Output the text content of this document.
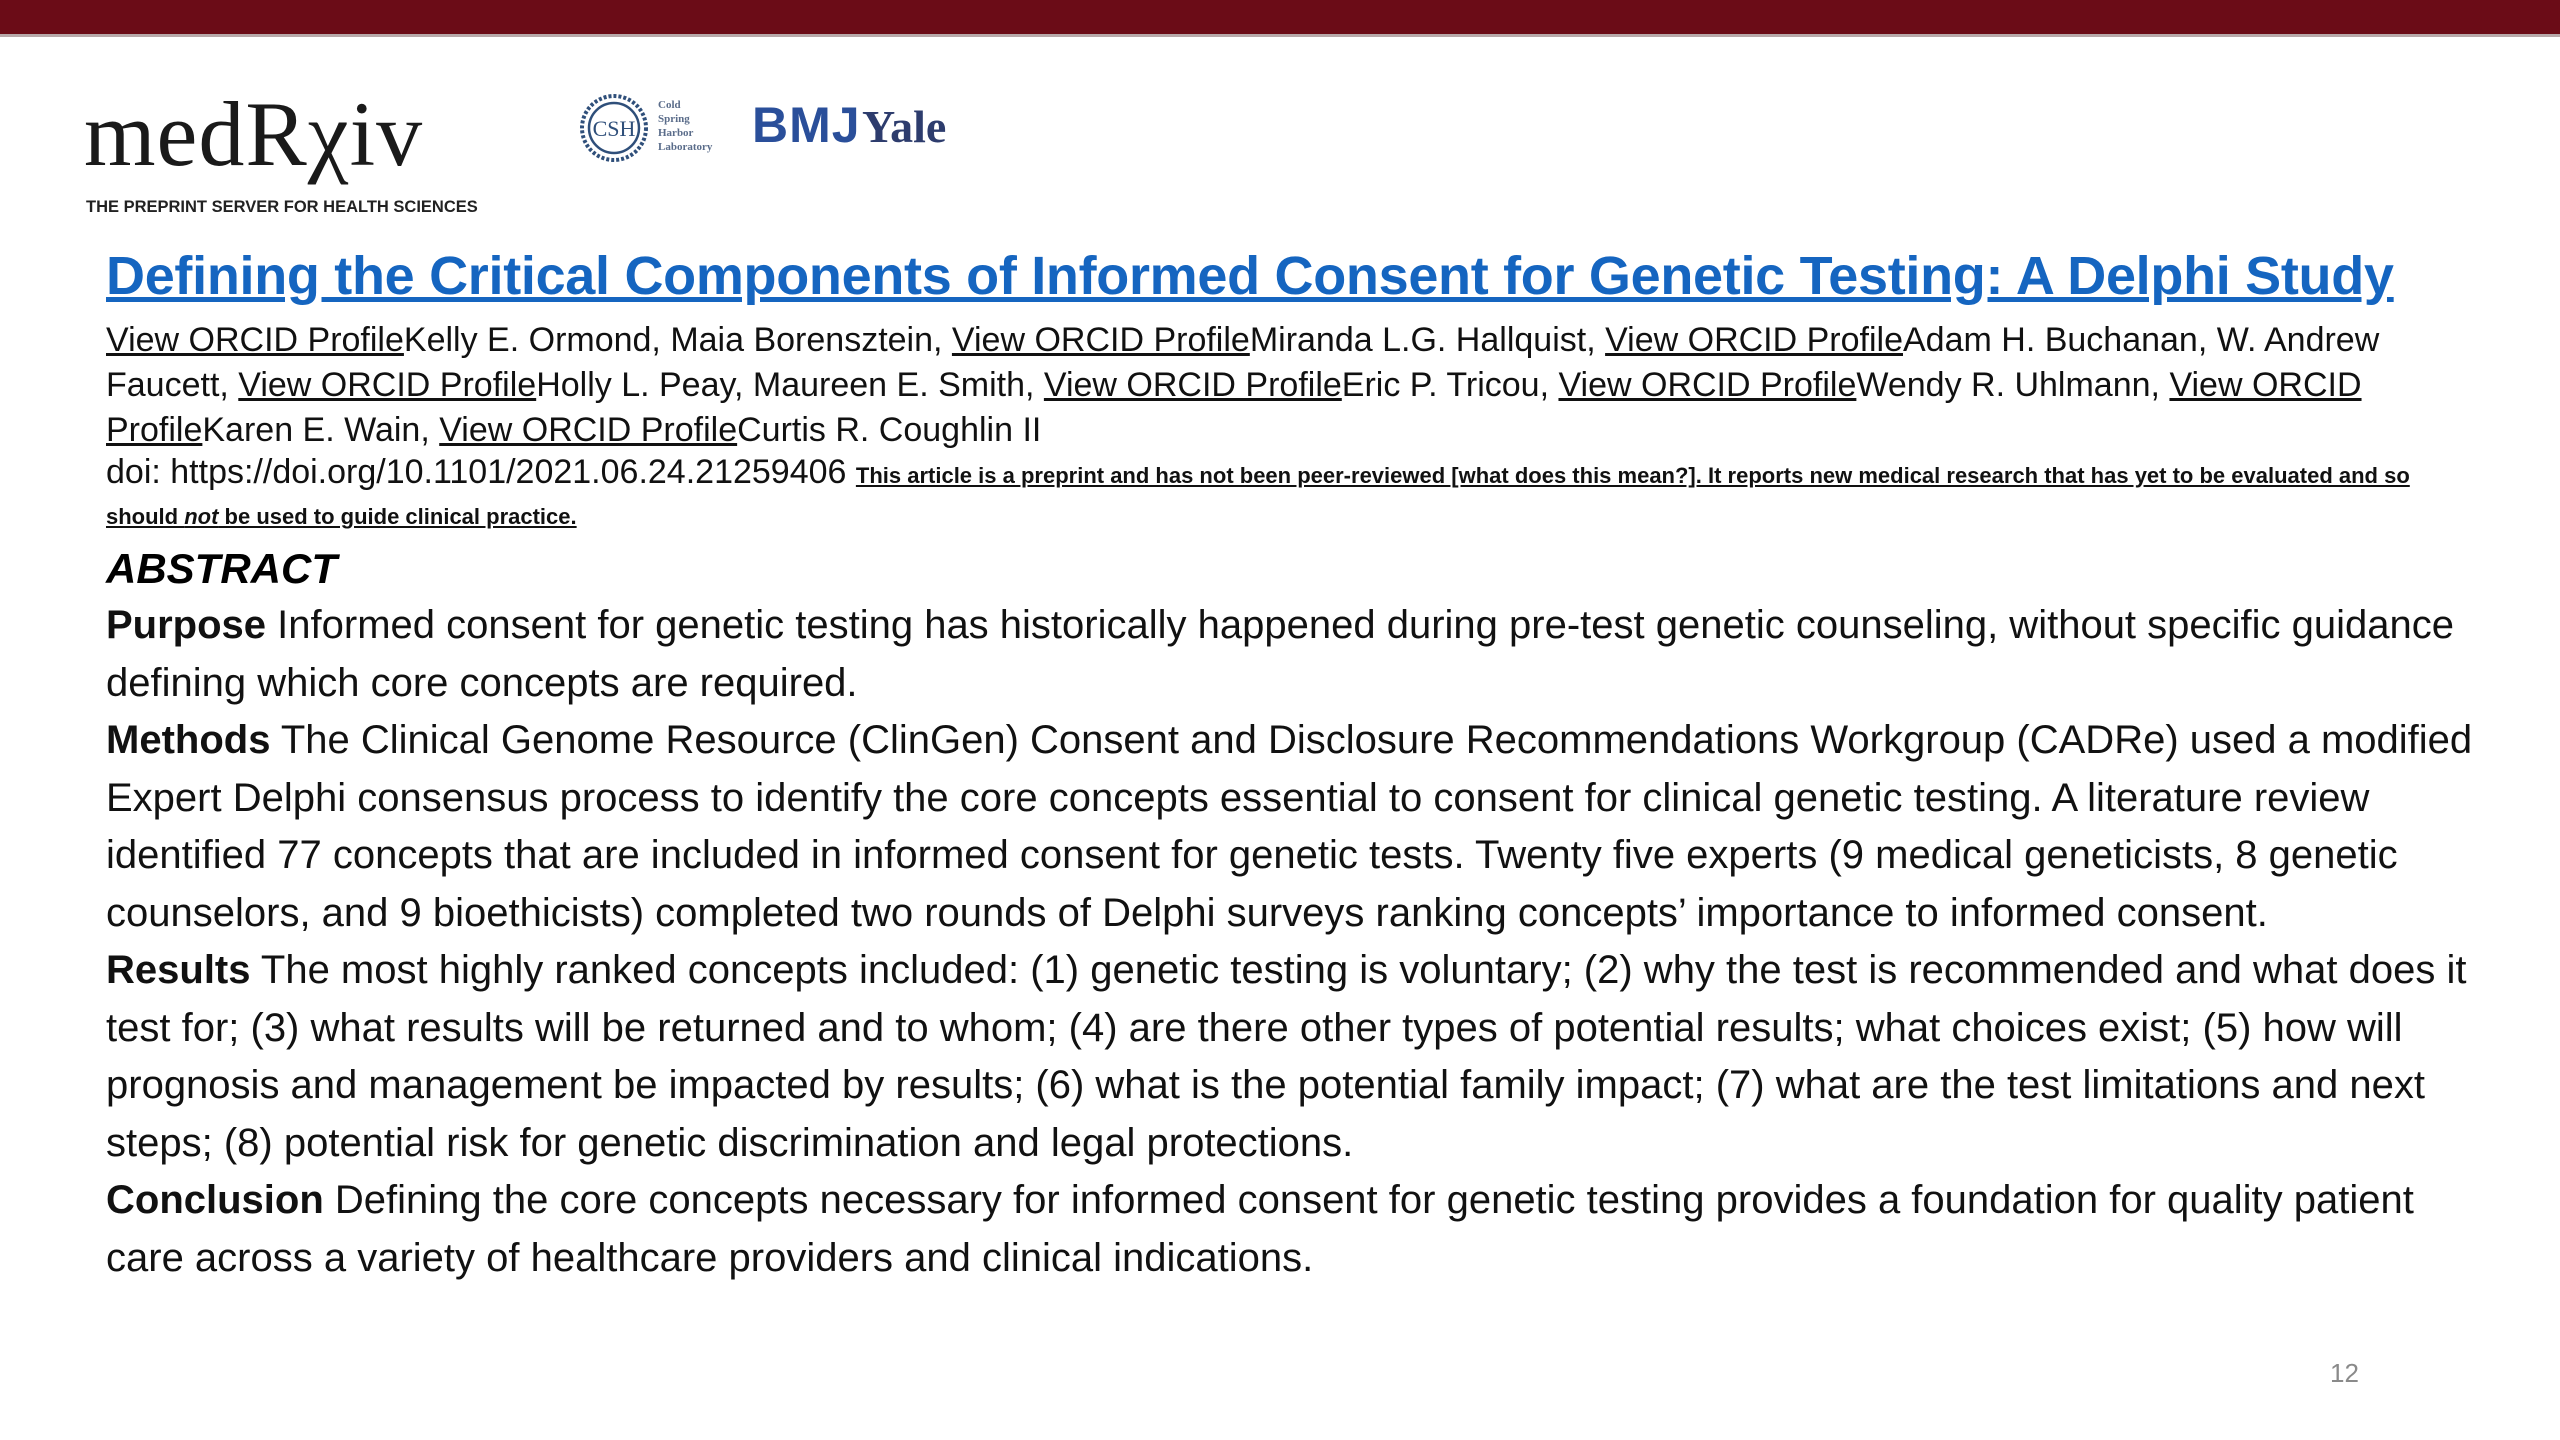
medRχiv
THE PREPRINT SERVER FOR HEALTH SCIENCES
CSH
Cold
Spring
Harbor
Laboratory BMJ Yale
Defining the Critical Components of Informed Consent for Genetic Testing: A Delphi Study
View ORCID ProfileKelly E. Ormond, Maia Borensztein, View ORCID ProfileMiranda L.G. Hallquist, View ORCID ProfileAdam H. Buchanan, W. Andrew Faucett, View ORCID ProfileHolly L. Peay, Maureen E. Smith, View ORCID ProfileEric P. Tricou, View ORCID ProfileWendy R. Uhlmann, View ORCID ProfileKaren E. Wain, View ORCID ProfileCurtis R. Coughlin II
doi: https://doi.org/10.1101/2021.06.24.21259406 This article is a preprint and has not been peer-reviewed [what does this mean?]. It reports new medical research that has yet to be evaluated and so should not be used to guide clinical practice.
ABSTRACT
Purpose Informed consent for genetic testing has historically happened during pre-test genetic counseling, without specific guidance defining which core concepts are required.
Methods The Clinical Genome Resource (ClinGen) Consent and Disclosure Recommendations Workgroup (CADRe) used a modified Expert Delphi consensus process to identify the core concepts essential to consent for clinical genetic testing. A literature review identified 77 concepts that are included in informed consent for genetic tests. Twenty five experts (9 medical geneticists, 8 genetic counselors, and 9 bioethicists) completed two rounds of Delphi surveys ranking concepts’ importance to informed consent.
Results The most highly ranked concepts included: (1) genetic testing is voluntary; (2) why the test is recommended and what does it test for; (3) what results will be returned and to whom; (4) are there other types of potential results; what choices exist; (5) how will prognosis and management be impacted by results; (6) what is the potential family impact; (7) what are the test limitations and next steps; (8) potential risk for genetic discrimination and legal protections.
Conclusion Defining the core concepts necessary for informed consent for genetic testing provides a foundation for quality patient care across a variety of healthcare providers and clinical indications.
12
